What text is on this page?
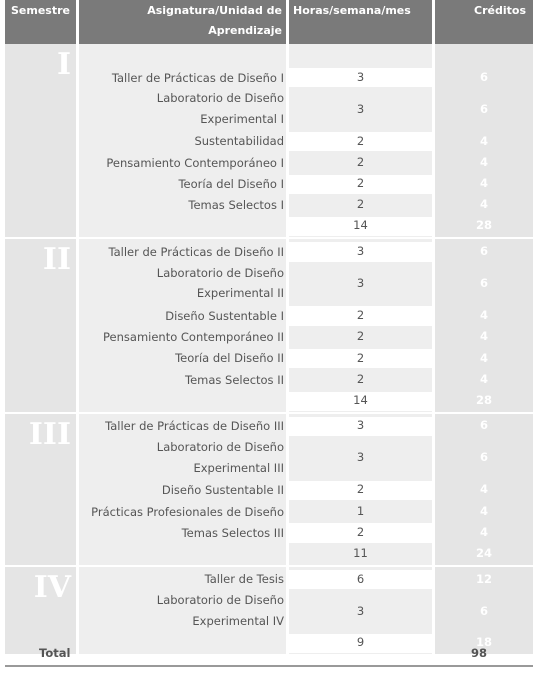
Semestre	Asignatura/Unidad de
Aprendizaje
Horas/semana/mes	Créditos
I	Taller de Prácticas de Diseño I	3	6
Laboratorio de Diseño
Experimental I
3	6
Sustentabilidad	2	4
Pensamiento Contemporáneo I	2	4
Teoría del Diseño I	2	4
Temas Selectos I	2	4
14	28
II	Taller de Prácticas de Diseño II	3	6
Laboratorio de Diseño
Experimental II
3	6
Diseño Sustentable I	2	4
Pensamiento Contemporáneo II	2	4
Teoría del Diseño II	2	4
Temas Selectos II	2	4
14	28
III	Taller de Prácticas de Diseño III	3	6
Laboratorio de Diseño
Experimental III
3	6
Diseño Sustentable II	2	4
Prácticas Profesionales de Diseño	1	4
Temas Selectos III	2	4
11	24
IV	Taller de Tesis	6	12
Laboratorio de Diseño
Experimental IV
3	6
9	18
Total	98
